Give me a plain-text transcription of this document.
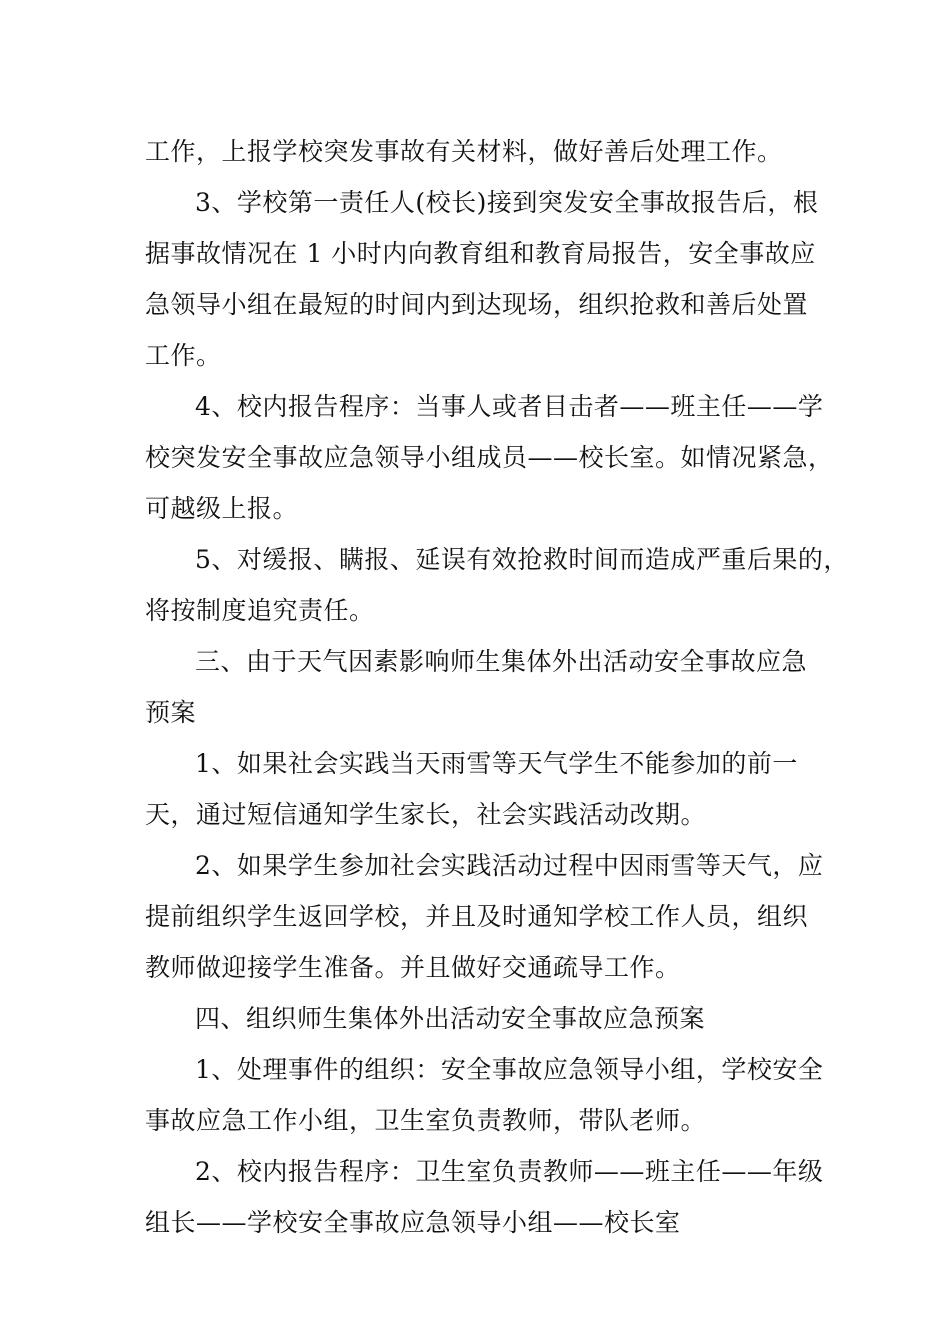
工作，上报学校突发事故有关材料，做好善后处理工作。

3、学校第一责任人(校长)接到突发安全事故报告后，根
据事故情况在 1 小时内向教育组和教育局报告，安全事故应
急领导小组在最短的时间内到达现场，组织抢救和善后处置
工作。

4、校内报告程序：当事人或者目击者——班主任——学
校突发安全事故应急领导小组成员——校长室。如情况紧急，
可越级上报。

5、对缓报、瞒报、延误有效抢救时间而造成严重后果的，
将按制度追究责任。

三、由于天气因素影响师生集体外出活动安全事故应急
预案

1、如果社会实践当天雨雪等天气学生不能参加的前一
天，通过短信通知学生家长，社会实践活动改期。

2、如果学生参加社会实践活动过程中因雨雪等天气，应
提前组织学生返回学校，并且及时通知学校工作人员，组织
教师做迎接学生准备。并且做好交通疏导工作。

四、组织师生集体外出活动安全事故应急预案

1、处理事件的组织：安全事故应急领导小组，学校安全
事故应急工作小组，卫生室负责教师，带队老师。

2、校内报告程序：卫生室负责教师——班主任——年级
组长——学校安全事故应急领导小组——校长室
